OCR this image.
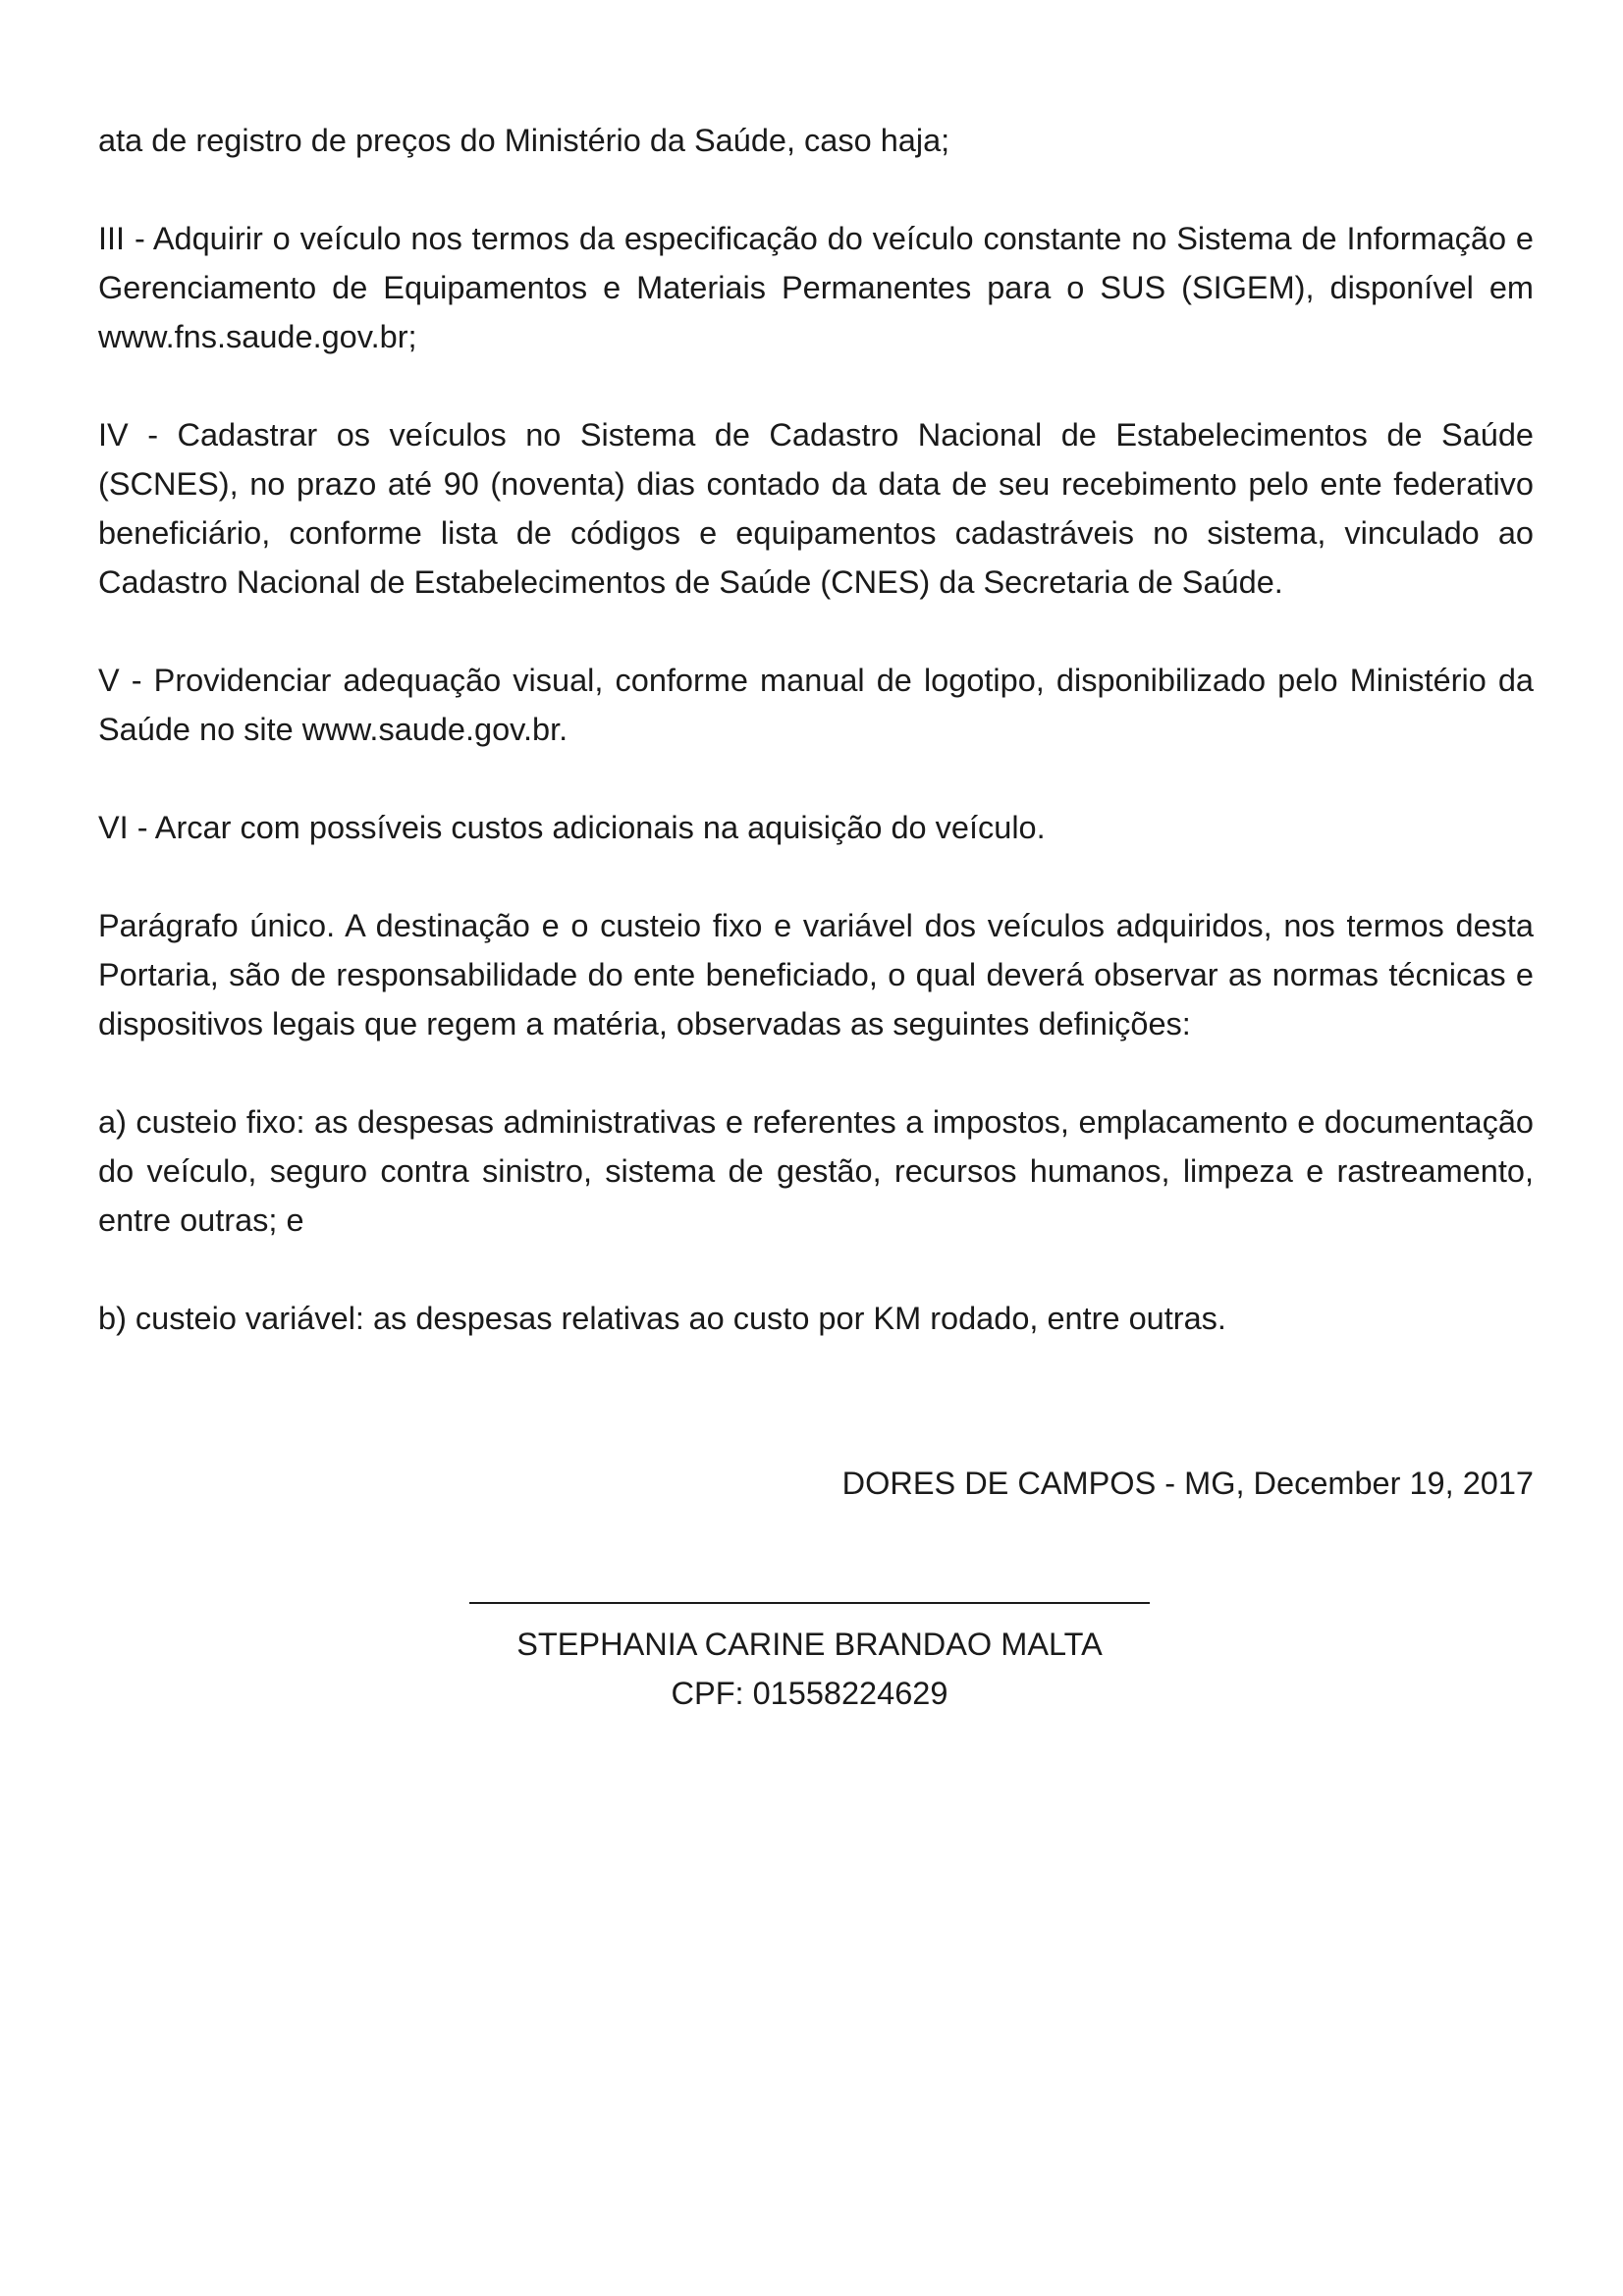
ata de registro de preços do Ministério da Saúde, caso haja;

III - Adquirir o veículo nos termos da especificação do veículo constante no Sistema de Informação e Gerenciamento de Equipamentos e Materiais Permanentes para o SUS (SIGEM), disponível em www.fns.saude.gov.br;

IV - Cadastrar os veículos no Sistema de Cadastro Nacional de Estabelecimentos de Saúde (SCNES), no prazo até 90 (noventa) dias contado da data de seu recebimento pelo ente federativo beneficiário, conforme lista de códigos e equipamentos cadastráveis no sistema, vinculado ao Cadastro Nacional de Estabelecimentos de Saúde (CNES) da Secretaria de Saúde.

V - Providenciar adequação visual, conforme manual de logotipo, disponibilizado pelo Ministério da Saúde no site www.saude.gov.br.

VI - Arcar com possíveis custos adicionais na aquisição do veículo.

Parágrafo único. A destinação e o custeio fixo e variável dos veículos adquiridos, nos termos desta Portaria, são de responsabilidade do ente beneficiado, o qual deverá observar as normas técnicas e dispositivos legais que regem a matéria, observadas as seguintes definições:

a) custeio fixo: as despesas administrativas e referentes a impostos, emplacamento e documentação do veículo, seguro contra sinistro, sistema de gestão, recursos humanos, limpeza e rastreamento, entre outras; e

b) custeio variável: as despesas relativas ao custo por KM rodado, entre outras.

DORES DE CAMPOS - MG, December 19, 2017
STEPHANIA CARINE BRANDAO MALTA
CPF: 01558224629
